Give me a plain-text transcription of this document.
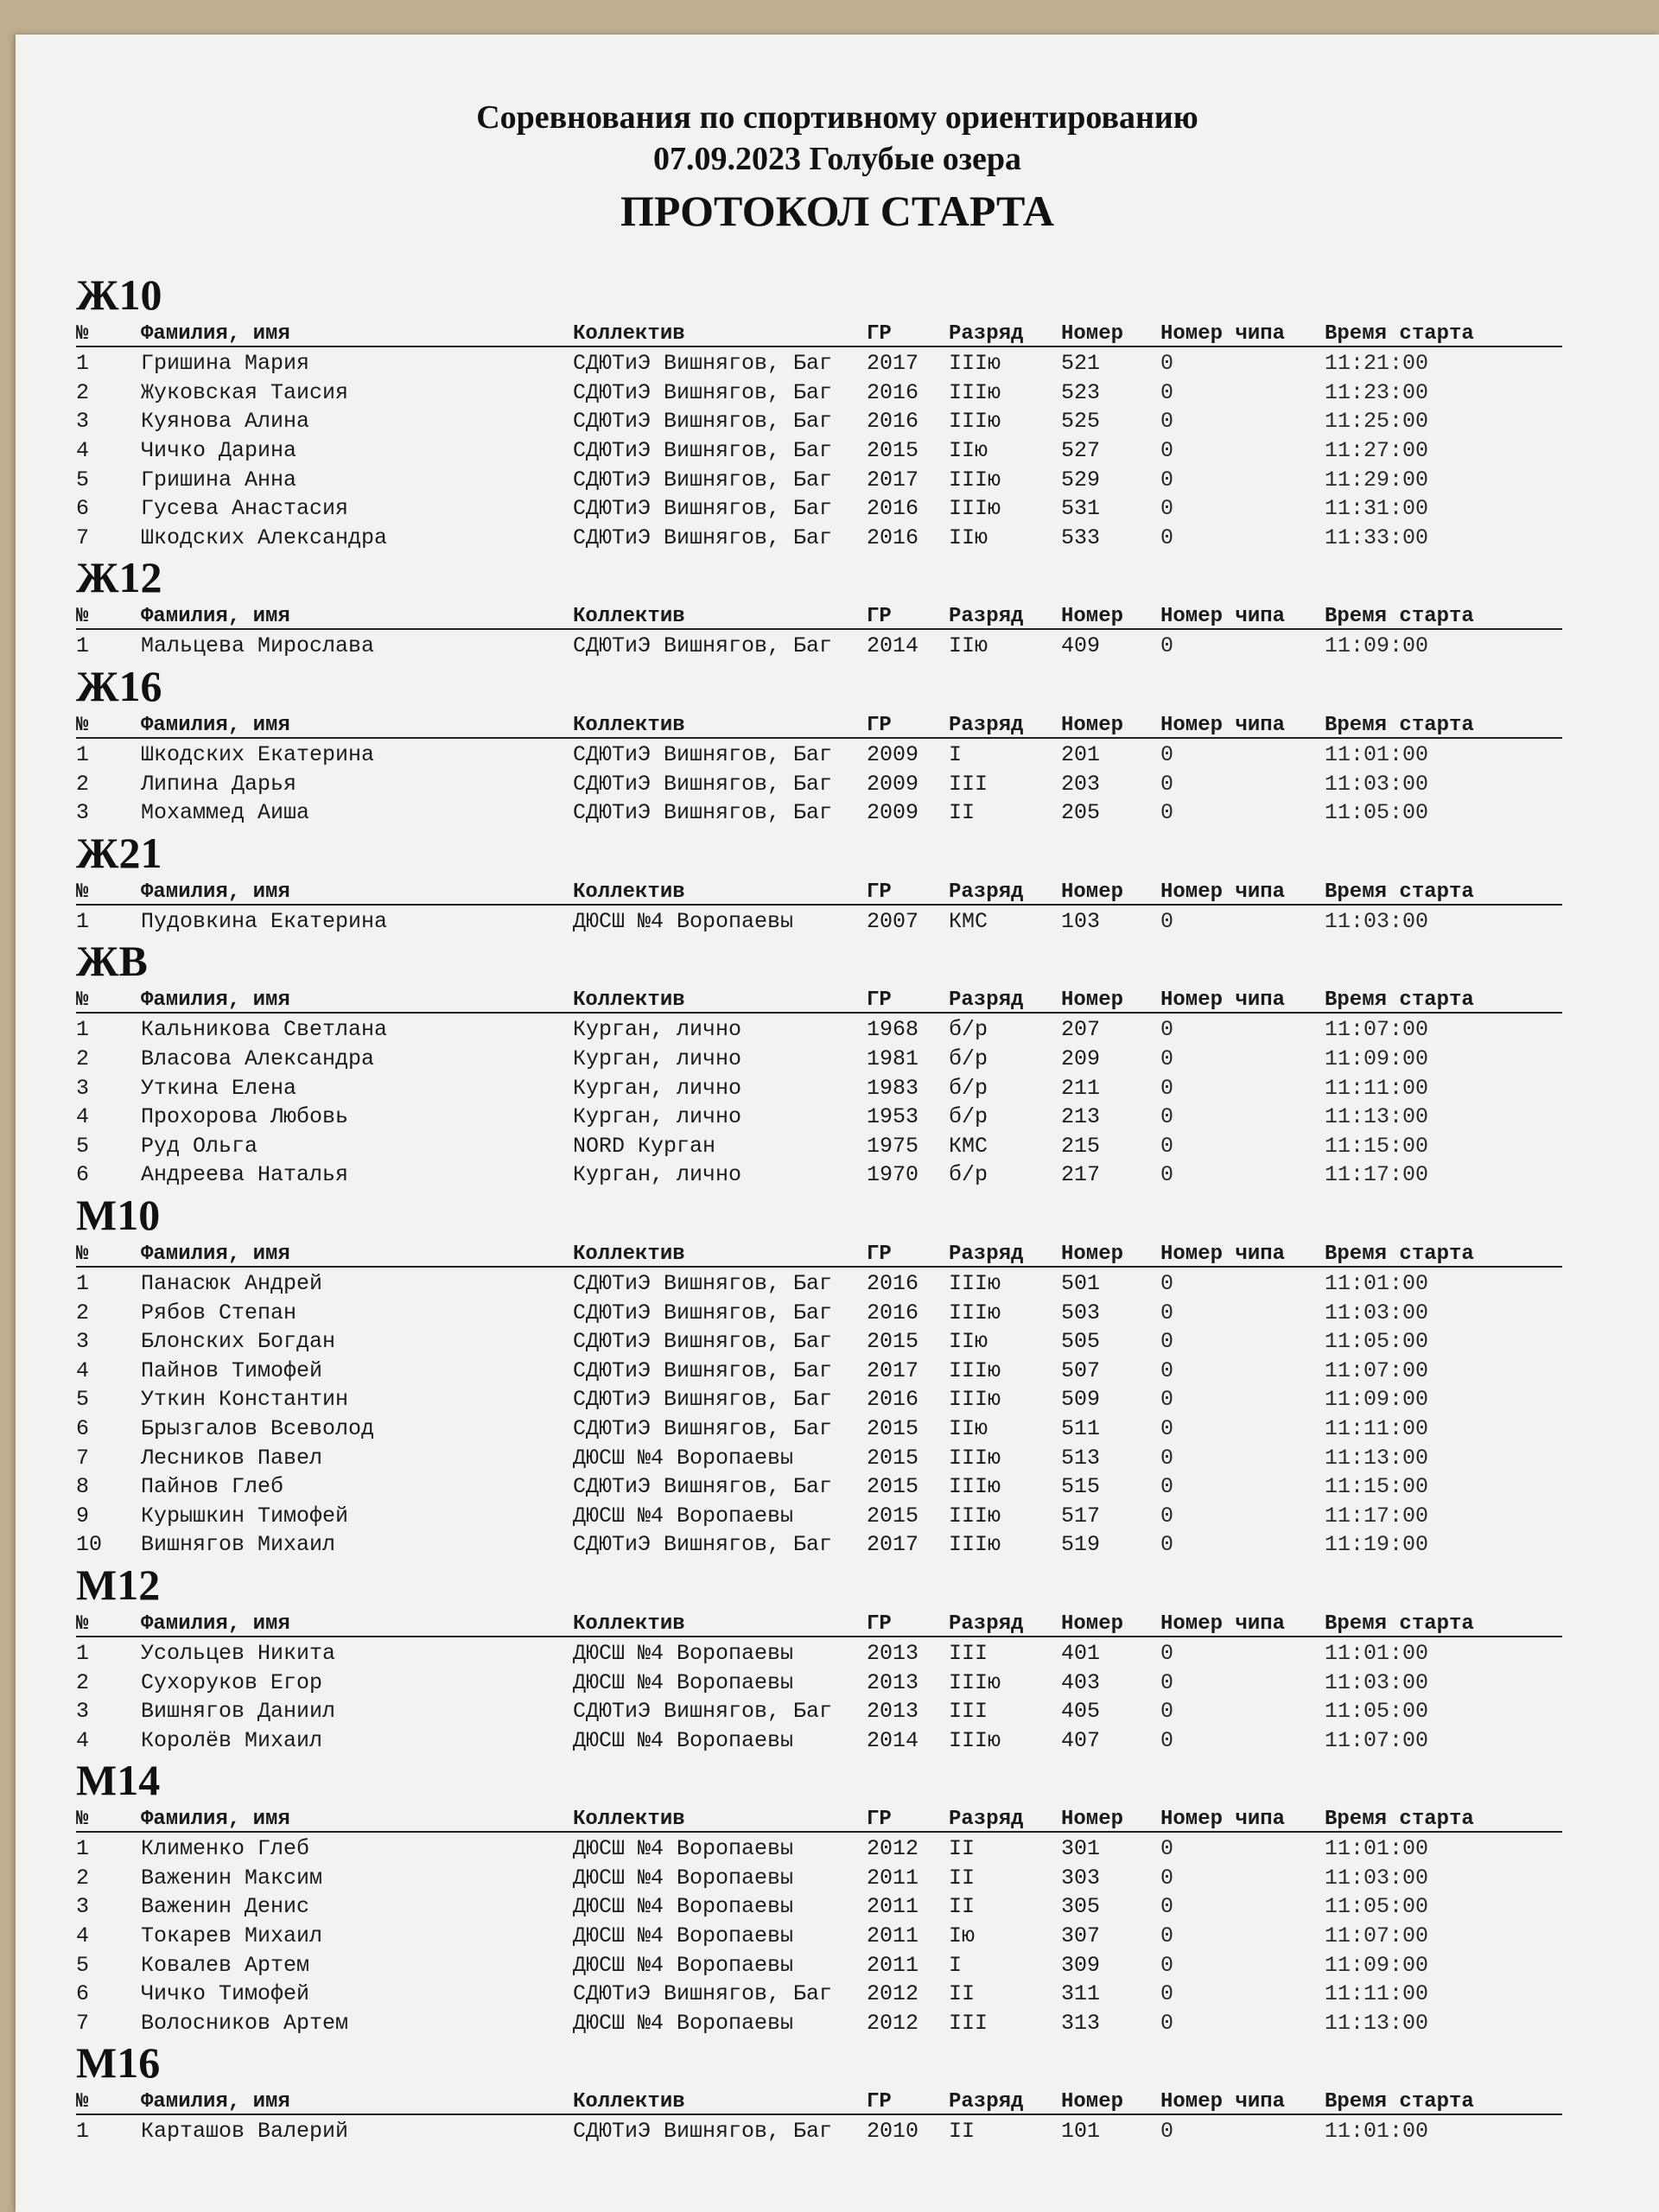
Соревнования по спортивному ориентированию
07.09.2023 Голубые озера
ПРОТОКОЛ СТАРТА
Ж10
№	Фамилия, имя	Коллектив	ГР	Разряд	Номер	Номер чипа	Время старта
1	Гришина Мария	СДЮТиЭ Вишнягов, Баг	2017	IIIю	521	0	11:21:00
2	Жуковская Таисия	СДЮТиЭ Вишнягов, Баг	2016	IIIю	523	0	11:23:00
3	Куянова Алина	СДЮТиЭ Вишнягов, Баг	2016	IIIю	525	0	11:25:00
4	Чичко Дарина	СДЮТиЭ Вишнягов, Баг	2015	IIю	527	0	11:27:00
5	Гришина Анна	СДЮТиЭ Вишнягов, Баг	2017	IIIю	529	0	11:29:00
6	Гусева Анастасия	СДЮТиЭ Вишнягов, Баг	2016	IIIю	531	0	11:31:00
7	Шкодских Александра	СДЮТиЭ Вишнягов, Баг	2016	IIю	533	0	11:33:00
Ж12
№	Фамилия, имя	Коллектив	ГР	Разряд	Номер	Номер чипа	Время старта
1	Мальцева Мирослава	СДЮТиЭ Вишнягов, Баг	2014	IIю	409	0	11:09:00
Ж16
№	Фамилия, имя	Коллектив	ГР	Разряд	Номер	Номер чипа	Время старта
1	Шкодских Екатерина	СДЮТиЭ Вишнягов, Баг	2009	I	201	0	11:01:00
2	Липина Дарья	СДЮТиЭ Вишнягов, Баг	2009	III	203	0	11:03:00
3	Мохаммед Аиша	СДЮТиЭ Вишнягов, Баг	2009	II	205	0	11:05:00
Ж21
№	Фамилия, имя	Коллектив	ГР	Разряд	Номер	Номер чипа	Время старта
1	Пудовкина Екатерина	ДЮСШ №4 Воропаевы	2007	КМС	103	0	11:03:00
ЖВ
№	Фамилия, имя	Коллектив	ГР	Разряд	Номер	Номер чипа	Время старта
1	Кальникова Светлана	Курган, лично	1968	б/р	207	0	11:07:00
2	Власова Александра	Курган, лично	1981	б/р	209	0	11:09:00
3	Уткина Елена	Курган, лично	1983	б/р	211	0	11:11:00
4	Прохорова Любовь	Курган, лично	1953	б/р	213	0	11:13:00
5	Руд Ольга	NORD Курган	1975	КМС	215	0	11:15:00
6	Андреева Наталья	Курган, лично	1970	б/р	217	0	11:17:00
М10
№	Фамилия, имя	Коллектив	ГР	Разряд	Номер	Номер чипа	Время старта
1	Панасюк Андрей	СДЮТиЭ Вишнягов, Баг	2016	IIIю	501	0	11:01:00
2	Рябов Степан	СДЮТиЭ Вишнягов, Баг	2016	IIIю	503	0	11:03:00
3	Блонских Богдан	СДЮТиЭ Вишнягов, Баг	2015	IIю	505	0	11:05:00
4	Пайнов Тимофей	СДЮТиЭ Вишнягов, Баг	2017	IIIю	507	0	11:07:00
5	Уткин Константин	СДЮТиЭ Вишнягов, Баг	2016	IIIю	509	0	11:09:00
6	Брызгалов Всеволод	СДЮТиЭ Вишнягов, Баг	2015	IIю	511	0	11:11:00
7	Лесников Павел	ДЮСШ №4 Воропаевы	2015	IIIю	513	0	11:13:00
8	Пайнов Глеб	СДЮТиЭ Вишнягов, Баг	2015	IIIю	515	0	11:15:00
9	Курышкин Тимофей	ДЮСШ №4 Воропаевы	2015	IIIю	517	0	11:17:00
10	Вишнягов Михаил	СДЮТиЭ Вишнягов, Баг	2017	IIIю	519	0	11:19:00
М12
№	Фамилия, имя	Коллектив	ГР	Разряд	Номер	Номер чипа	Время старта
1	Усольцев Никита	ДЮСШ №4 Воропаевы	2013	III	401	0	11:01:00
2	Сухоруков Егор	ДЮСШ №4 Воропаевы	2013	IIIю	403	0	11:03:00
3	Вишнягов Даниил	СДЮТиЭ Вишнягов, Баг	2013	III	405	0	11:05:00
4	Королёв Михаил	ДЮСШ №4 Воропаевы	2014	IIIю	407	0	11:07:00
М14
№	Фамилия, имя	Коллектив	ГР	Разряд	Номер	Номер чипа	Время старта
1	Клименко Глеб	ДЮСШ №4 Воропаевы	2012	II	301	0	11:01:00
2	Важенин Максим	ДЮСШ №4 Воропаевы	2011	II	303	0	11:03:00
3	Важенин Денис	ДЮСШ №4 Воропаевы	2011	II	305	0	11:05:00
4	Токарев Михаил	ДЮСШ №4 Воропаевы	2011	Iю	307	0	11:07:00
5	Ковалев Артем	ДЮСШ №4 Воропаевы	2011	I	309	0	11:09:00
6	Чичко Тимофей	СДЮТиЭ Вишнягов, Баг	2012	II	311	0	11:11:00
7	Волосников Артем	ДЮСШ №4 Воропаевы	2012	III	313	0	11:13:00
М16
№	Фамилия, имя	Коллектив	ГР	Разряд	Номер	Номер чипа	Время старта
1	Карташов Валерий	СДЮТиЭ Вишнягов, Баг	2010	II	101	0	11:01:00
